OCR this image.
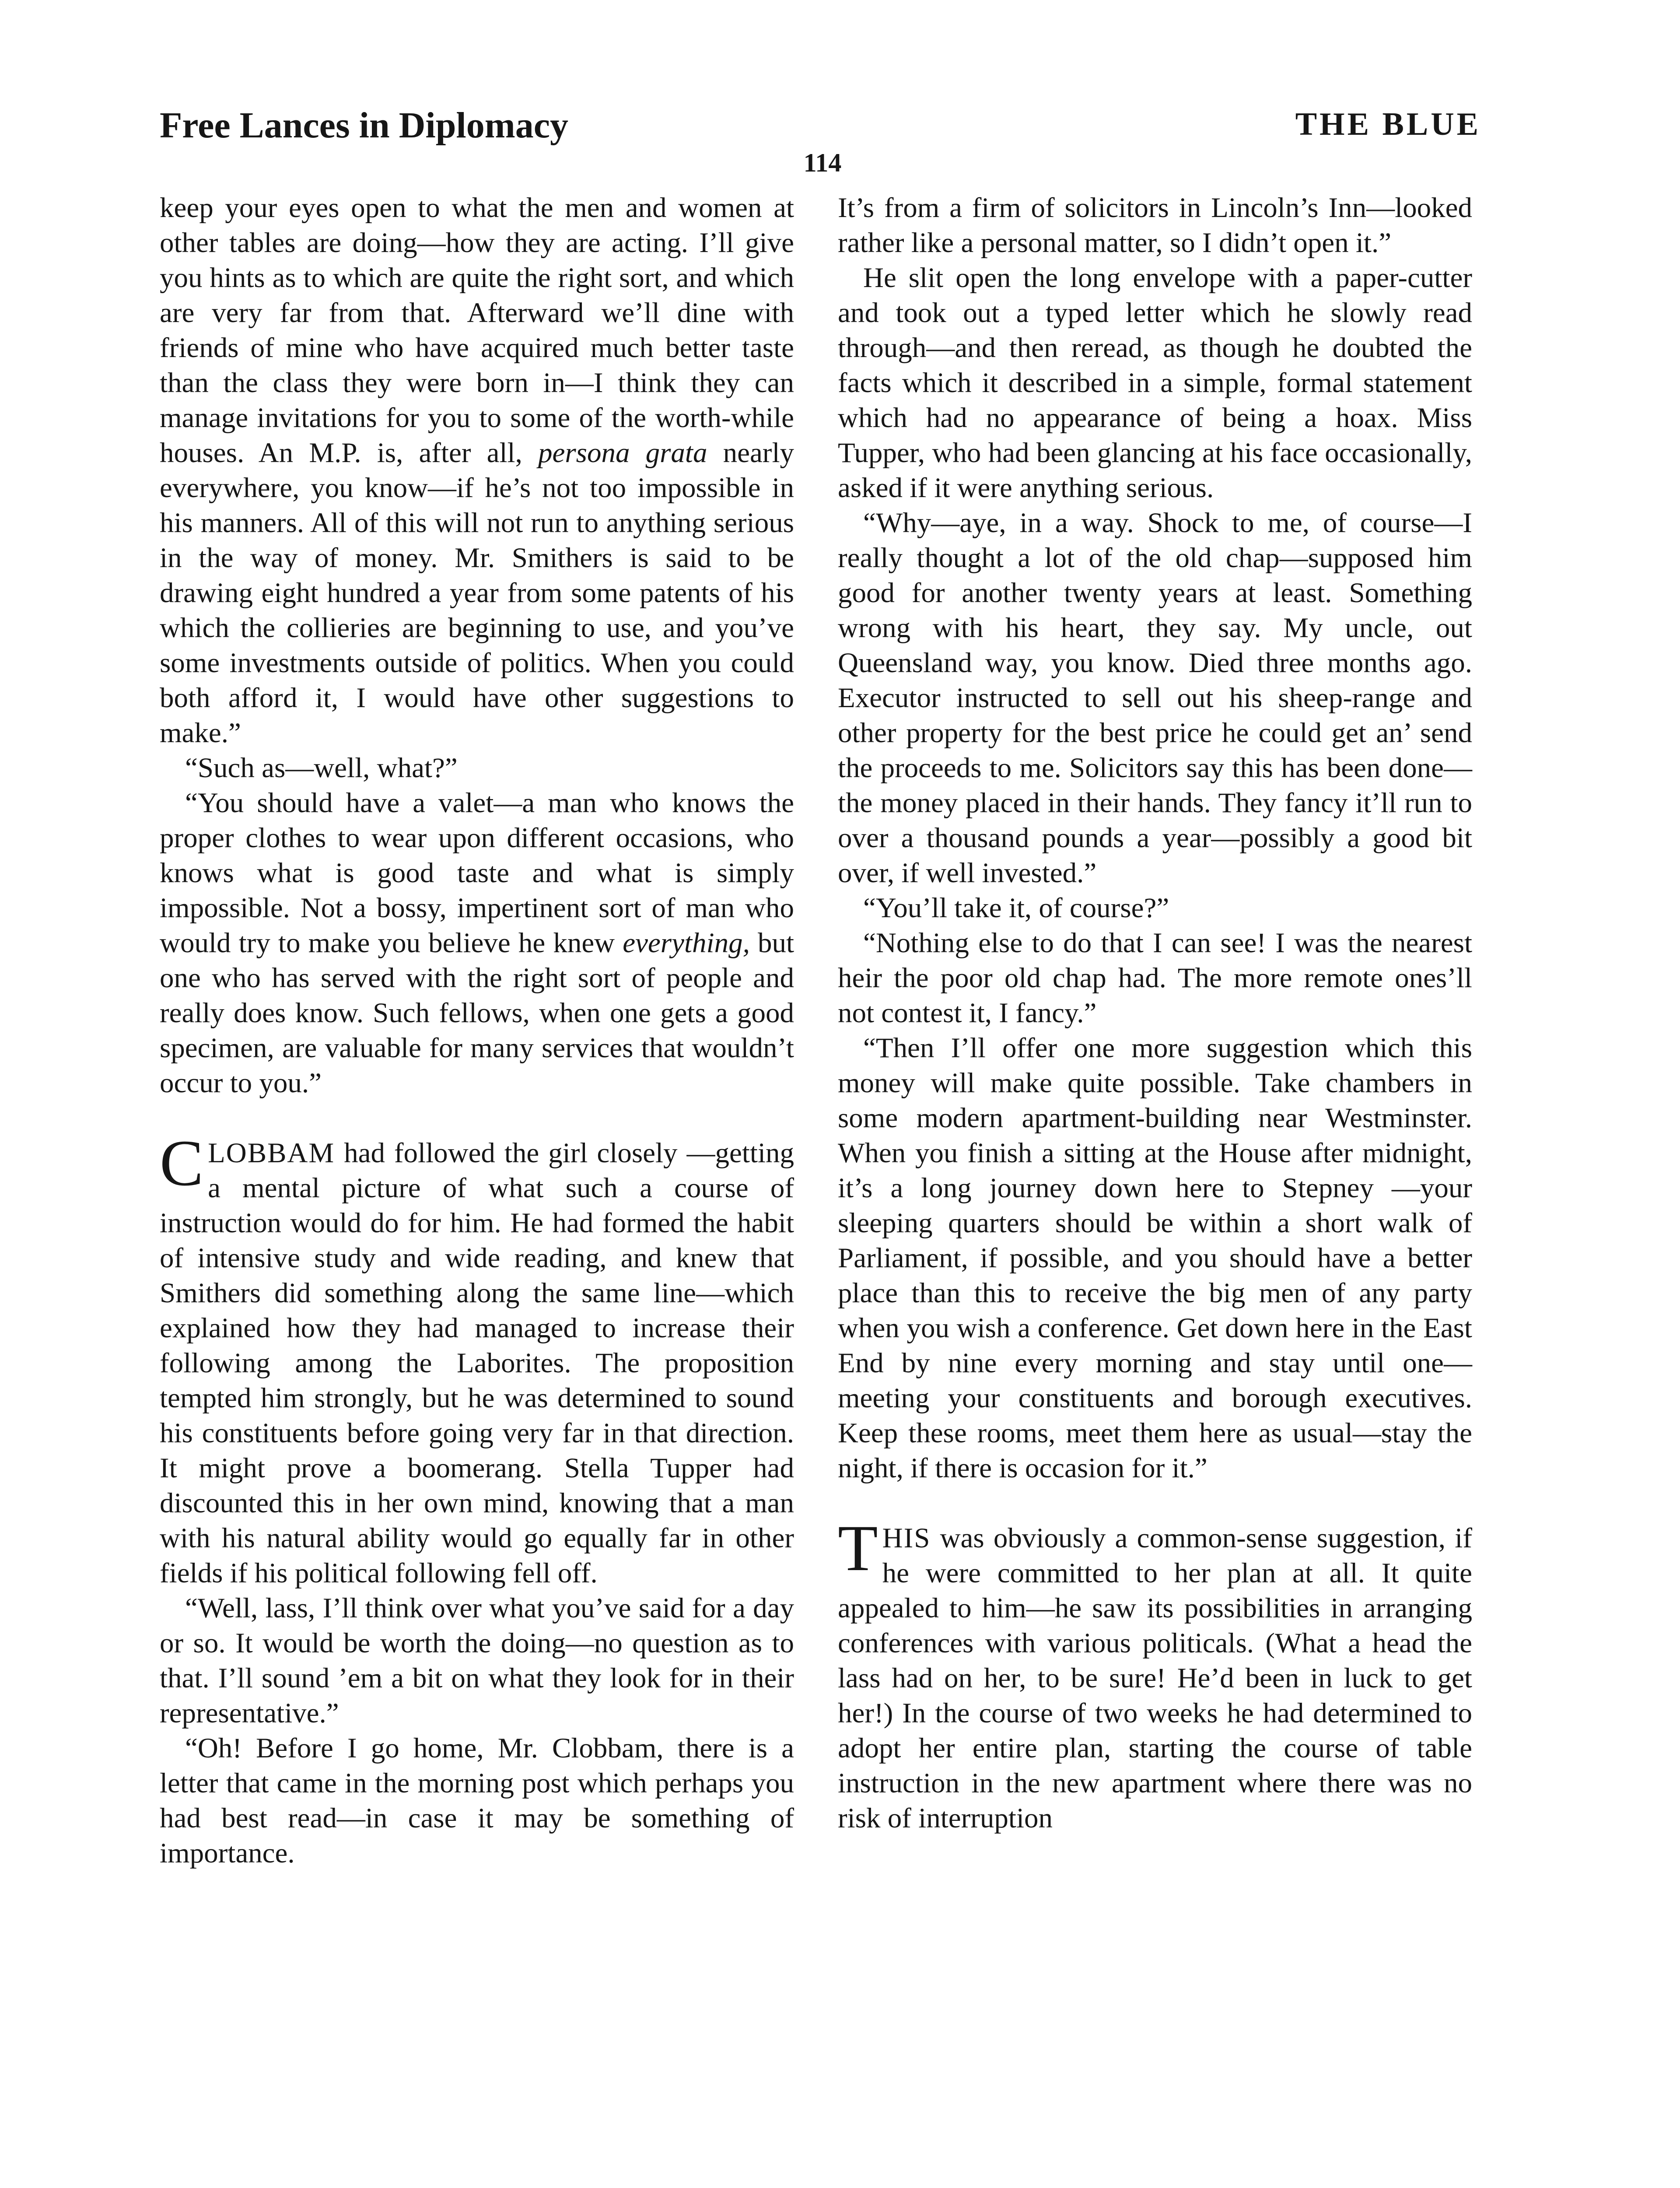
Free Lances in Diplomacy	THE BLUE
114

keep your eyes open to what the men and women at other tables are doing—how they are acting. I’ll give you hints as to which are quite the right sort, and which are very far from that. Afterward we’ll dine with friends of mine who have acquired much better taste than the class they were born in—I think they can manage invitations for you to some of the worth-while houses. An M.P. is, after all, persona grata nearly everywhere, you know—if he’s not too impossible in his manners. All of this will not run to anything serious in the way of money. Mr. Smithers is said to be drawing eight hundred a year from some patents of his which the collieries are beginning to use, and you’ve some investments outside of politics. When you could both afford it, I would have other suggestions to make.”

“Such as—well, what?”

“You should have a valet—a man who knows the proper clothes to wear upon different occasions, who knows what is good taste and what is simply impossible. Not a bossy, impertinent sort of man who would try to make you believe he knew everything, but one who has served with the right sort of people and really does know. Such fellows, when one gets a good specimen, are valuable for many services that wouldn’t occur to you.”

CLOBBAM had followed the girl closely —getting a mental picture of what such a course of instruction would do for him. He had formed the habit of intensive study and wide reading, and knew that Smithers did something along the same line—which explained how they had managed to increase their following among the Laborites. The proposition tempted him strongly, but he was determined to sound his constituents before going very far in that direction. It might prove a boomerang. Stella Tupper had discounted this in her own mind, knowing that a man with his natural ability would go equally far in other fields if his political following fell off.

“Well, lass, I’ll think over what you’ve said for a day or so. It would be worth the doing—no question as to that. I’ll sound ’em a bit on what they look for in their representative.”

“Oh! Before I go home, Mr. Clobbam, there is a letter that came in the morning post which perhaps you had best read—in case it may be something of importance.

It’s from a firm of solicitors in Lincoln’s Inn—looked rather like a personal matter, so I didn’t open it.”

He slit open the long envelope with a paper-cutter and took out a typed letter which he slowly read through—and then reread, as though he doubted the facts which it described in a simple, formal statement which had no appearance of being a hoax. Miss Tupper, who had been glancing at his face occasionally, asked if it were anything serious.

“Why—aye, in a way. Shock to me, of course—I really thought a lot of the old chap—supposed him good for another twenty years at least. Something wrong with his heart, they say. My uncle, out Queensland way, you know. Died three months ago. Executor instructed to sell out his sheep-range and other property for the best price he could get an’ send the proceeds to me. Solicitors say this has been done—the money placed in their hands. They fancy it’ll run to over a thousand pounds a year—possibly a good bit over, if well invested.”

“You’ll take it, of course?”

“Nothing else to do that I can see! I was the nearest heir the poor old chap had. The more remote ones’ll not contest it, I fancy.”

“Then I’ll offer one more suggestion which this money will make quite possible. Take chambers in some modern apartment-building near Westminster. When you finish a sitting at the House after midnight, it’s a long journey down here to Stepney —your sleeping quarters should be within a short walk of Parliament, if possible, and you should have a better place than this to receive the big men of any party when you wish a conference. Get down here in the East End by nine every morning and stay until one—meeting your constituents and borough executives. Keep these rooms, meet them here as usual—stay the night, if there is occasion for it.”

THIS was obviously a common-sense suggestion, if he were committed to her plan at all. It quite appealed to him—he saw its possibilities in arranging conferences with various politicals. (What a head the lass had on her, to be sure! He’d been in luck to get her!) In the course of two weeks he had determined to adopt her entire plan, starting the course of table instruction in the new apartment where there was no risk of interruption
